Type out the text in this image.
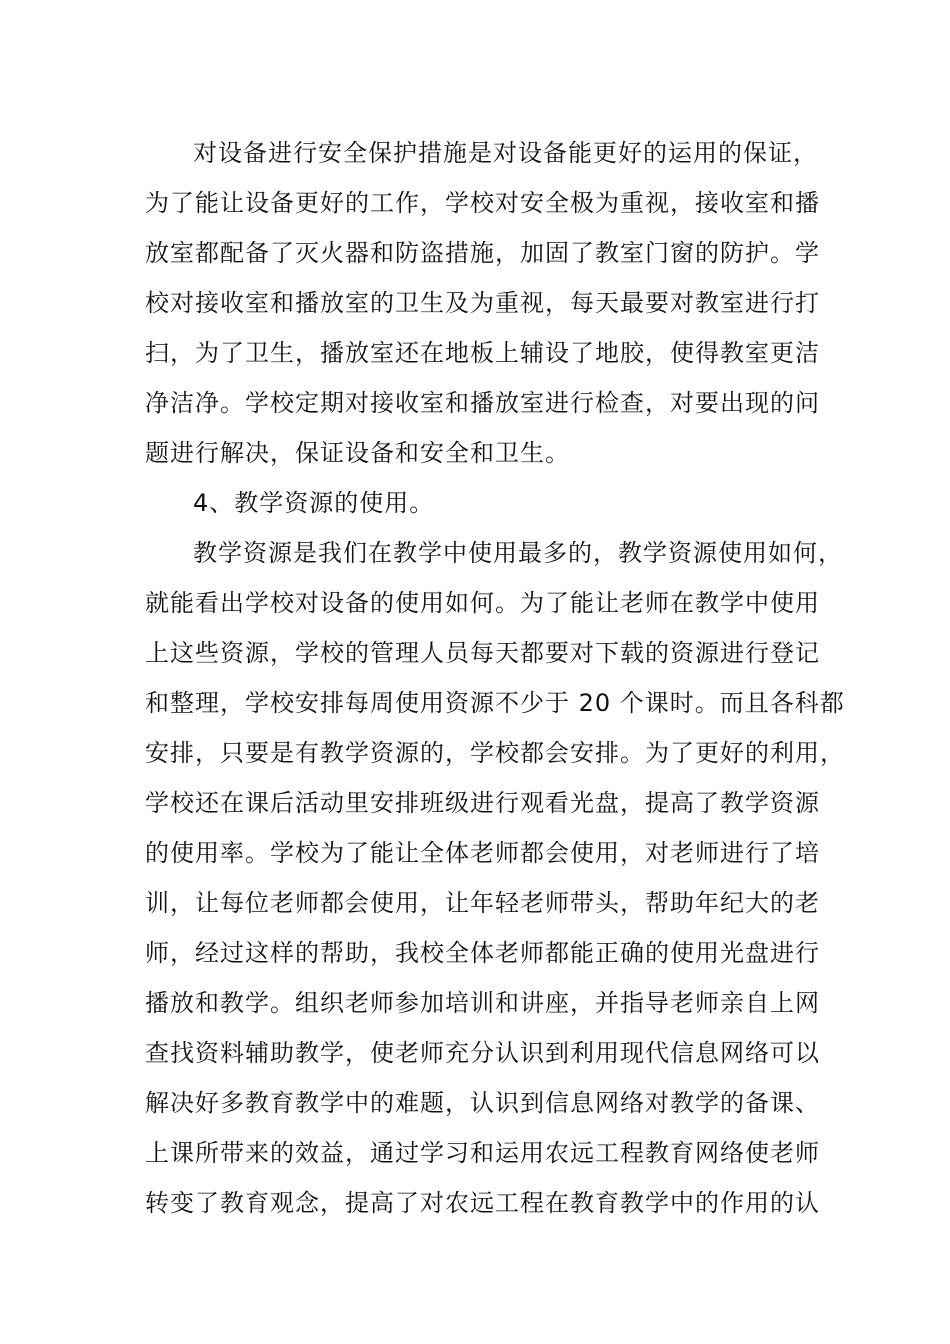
对设备进行安全保护措施是对设备能更好的运用的保证，
为了能让设备更好的工作，学校对安全极为重视，接收室和播
放室都配备了灭火器和防盗措施，加固了教室门窗的防护。学
校对接收室和播放室的卫生及为重视，每天最要对教室进行打
扫，为了卫生，播放室还在地板上辅设了地胶，使得教室更洁
净洁净。学校定期对接收室和播放室进行检查，对要出现的问
题进行解决，保证设备和安全和卫生。
4、教学资源的使用。
教学资源是我们在教学中使用最多的，教学资源使用如何，
就能看出学校对设备的使用如何。为了能让老师在教学中使用
上这些资源，学校的管理人员每天都要对下载的资源进行登记
和整理，学校安排每周使用资源不少于 20 个课时。而且各科都
安排，只要是有教学资源的，学校都会安排。为了更好的利用，
学校还在课后活动里安排班级进行观看光盘，提高了教学资源
的使用率。学校为了能让全体老师都会使用，对老师进行了培
训，让每位老师都会使用，让年轻老师带头，帮助年纪大的老
师，经过这样的帮助，我校全体老师都能正确的使用光盘进行
播放和教学。组织老师参加培训和讲座，并指导老师亲自上网
查找资料辅助教学，使老师充分认识到利用现代信息网络可以
解决好多教育教学中的难题，认识到信息网络对教学的备课、
上课所带来的效益，通过学习和运用农远工程教育网络使老师
转变了教育观念，提高了对农远工程在教育教学中的作用的认
